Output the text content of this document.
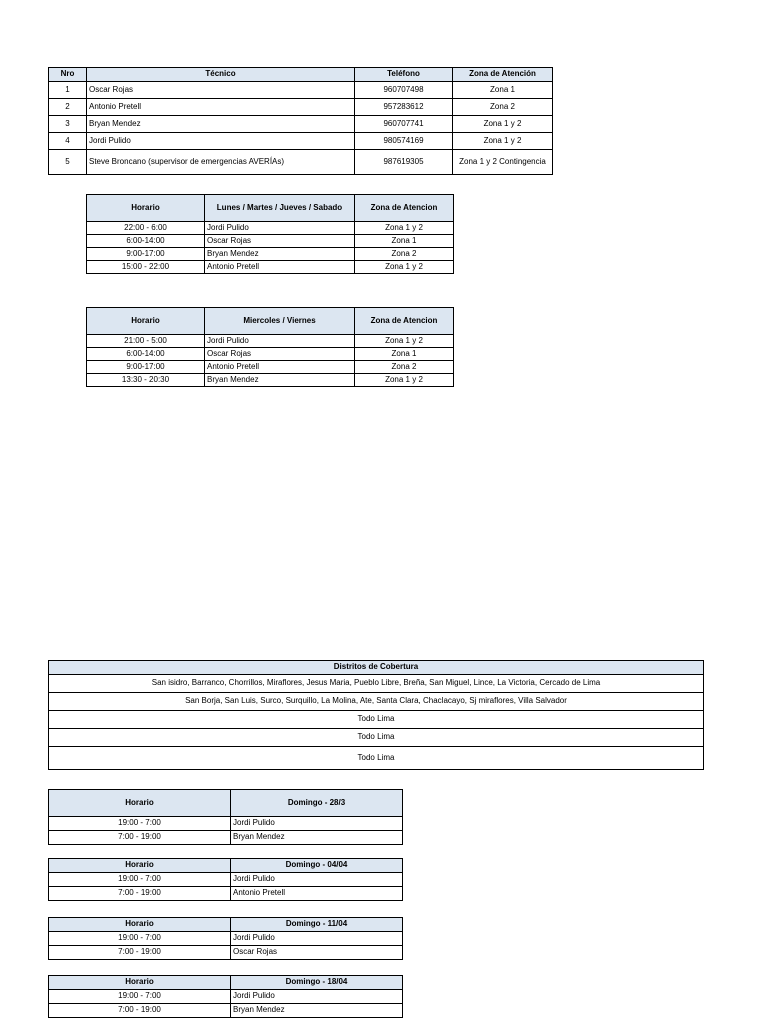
Nro	Técnico	Teléfono	Zona de Atención
1	Oscar Rojas	960707498	Zona 1
2	Antonio Pretell	957283612	Zona 2
3	Bryan Mendez	960707741	Zona 1 y 2
4	Jordi Pulido	980574169	Zona 1 y 2
5	Steve Broncano (supervisor de emergencias AVERÍAs)	987619305	Zona 1 y 2 Contingencia
Horario	Lunes / Martes / Jueves / Sabado	Zona de Atencion
22:00 - 6:00	Jordi Pulido	Zona 1 y 2
6:00-14:00	Oscar Rojas	Zona 1
9:00-17:00	Bryan Mendez	Zona 2
15:00 - 22:00	Antonio Pretell	Zona 1 y 2
Horario	Miercoles / Viernes	Zona de Atencion
21:00 - 5:00	Jordi Pulido	Zona 1 y 2
6:00-14:00	Oscar Rojas	Zona 1
9:00-17:00	Antonio Pretell	Zona 2
13:30 - 20:30	Bryan Mendez	Zona 1 y 2
Distritos de Cobertura
San isidro, Barranco, Chorrillos, Miraflores, Jesus Maria, Pueblo Libre, Breña, San Miguel, Lince, La Victoria, Cercado de Lima
San Borja, San Luis, Surco, Surquillo, La Molina, Ate, Santa Clara, Chaclacayo, Sj miraflores, Villa Salvador
Todo Lima
Todo Lima
Todo Lima
Horario	Domingo - 28/3
19:00 - 7:00	Jordi Pulido
7:00 - 19:00	Bryan Mendez
Horario	Domingo - 04/04
19:00 - 7:00	Jordi Pulido
7:00 - 19:00	Antonio Pretell
Horario	Domingo - 11/04
19:00 - 7:00	Jordi Pulido
7:00 - 19:00	Oscar Rojas
Horario	Domingo - 18/04
19:00 - 7:00	Jordi Pulido
7:00 - 19:00	Bryan Mendez
